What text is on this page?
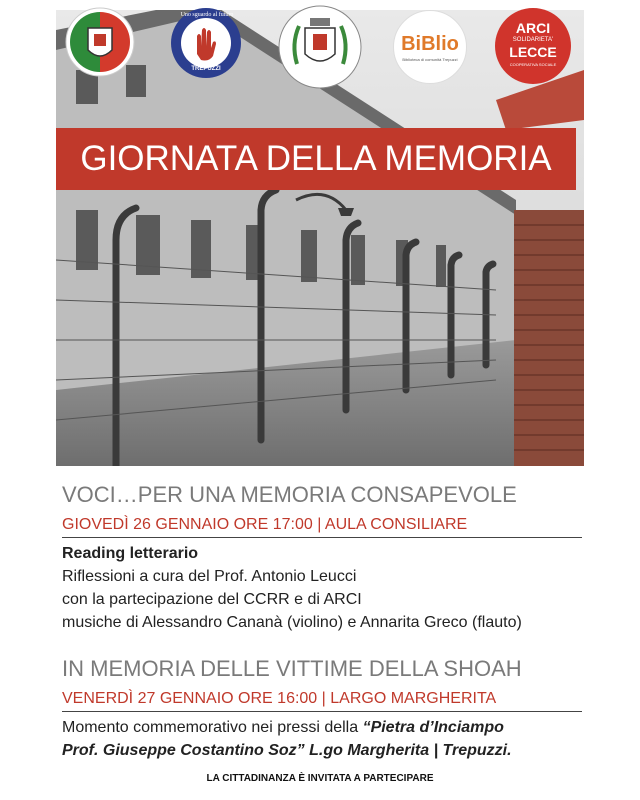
Uno sguardo al futuro
TREPUZZI
BiBlio
Biblioteca di comunità Trepuzzi
ARCI
SOLIDARIETA'
LECCE
COOPERATIVA SOCIALE
GIORNATA DELLA MEMORIA
VOCI…PER UNA MEMORIA CONSAPEVOLE
GIOVEDÌ 26 GENNAIO ORE 17:00 | AULA CONSILIARE
Reading letterario
Riflessioni a cura del Prof. Antonio Leucci
con la partecipazione del CCRR e di ARCI
musiche di Alessandro Cananà (violino) e Annarita Greco (flauto)
IN MEMORIA DELLE VITTIME DELLA SHOAH
VENERDÌ 27 GENNAIO ORE 16:00 | LARGO MARGHERITA
Momento commemorativo nei pressi della “Pietra d’Inciampo
Prof. Giuseppe Costantino Soz” L.go Margherita | Trepuzzi.
LA CITTADINANZA È INVITATA A PARTECIPARE
